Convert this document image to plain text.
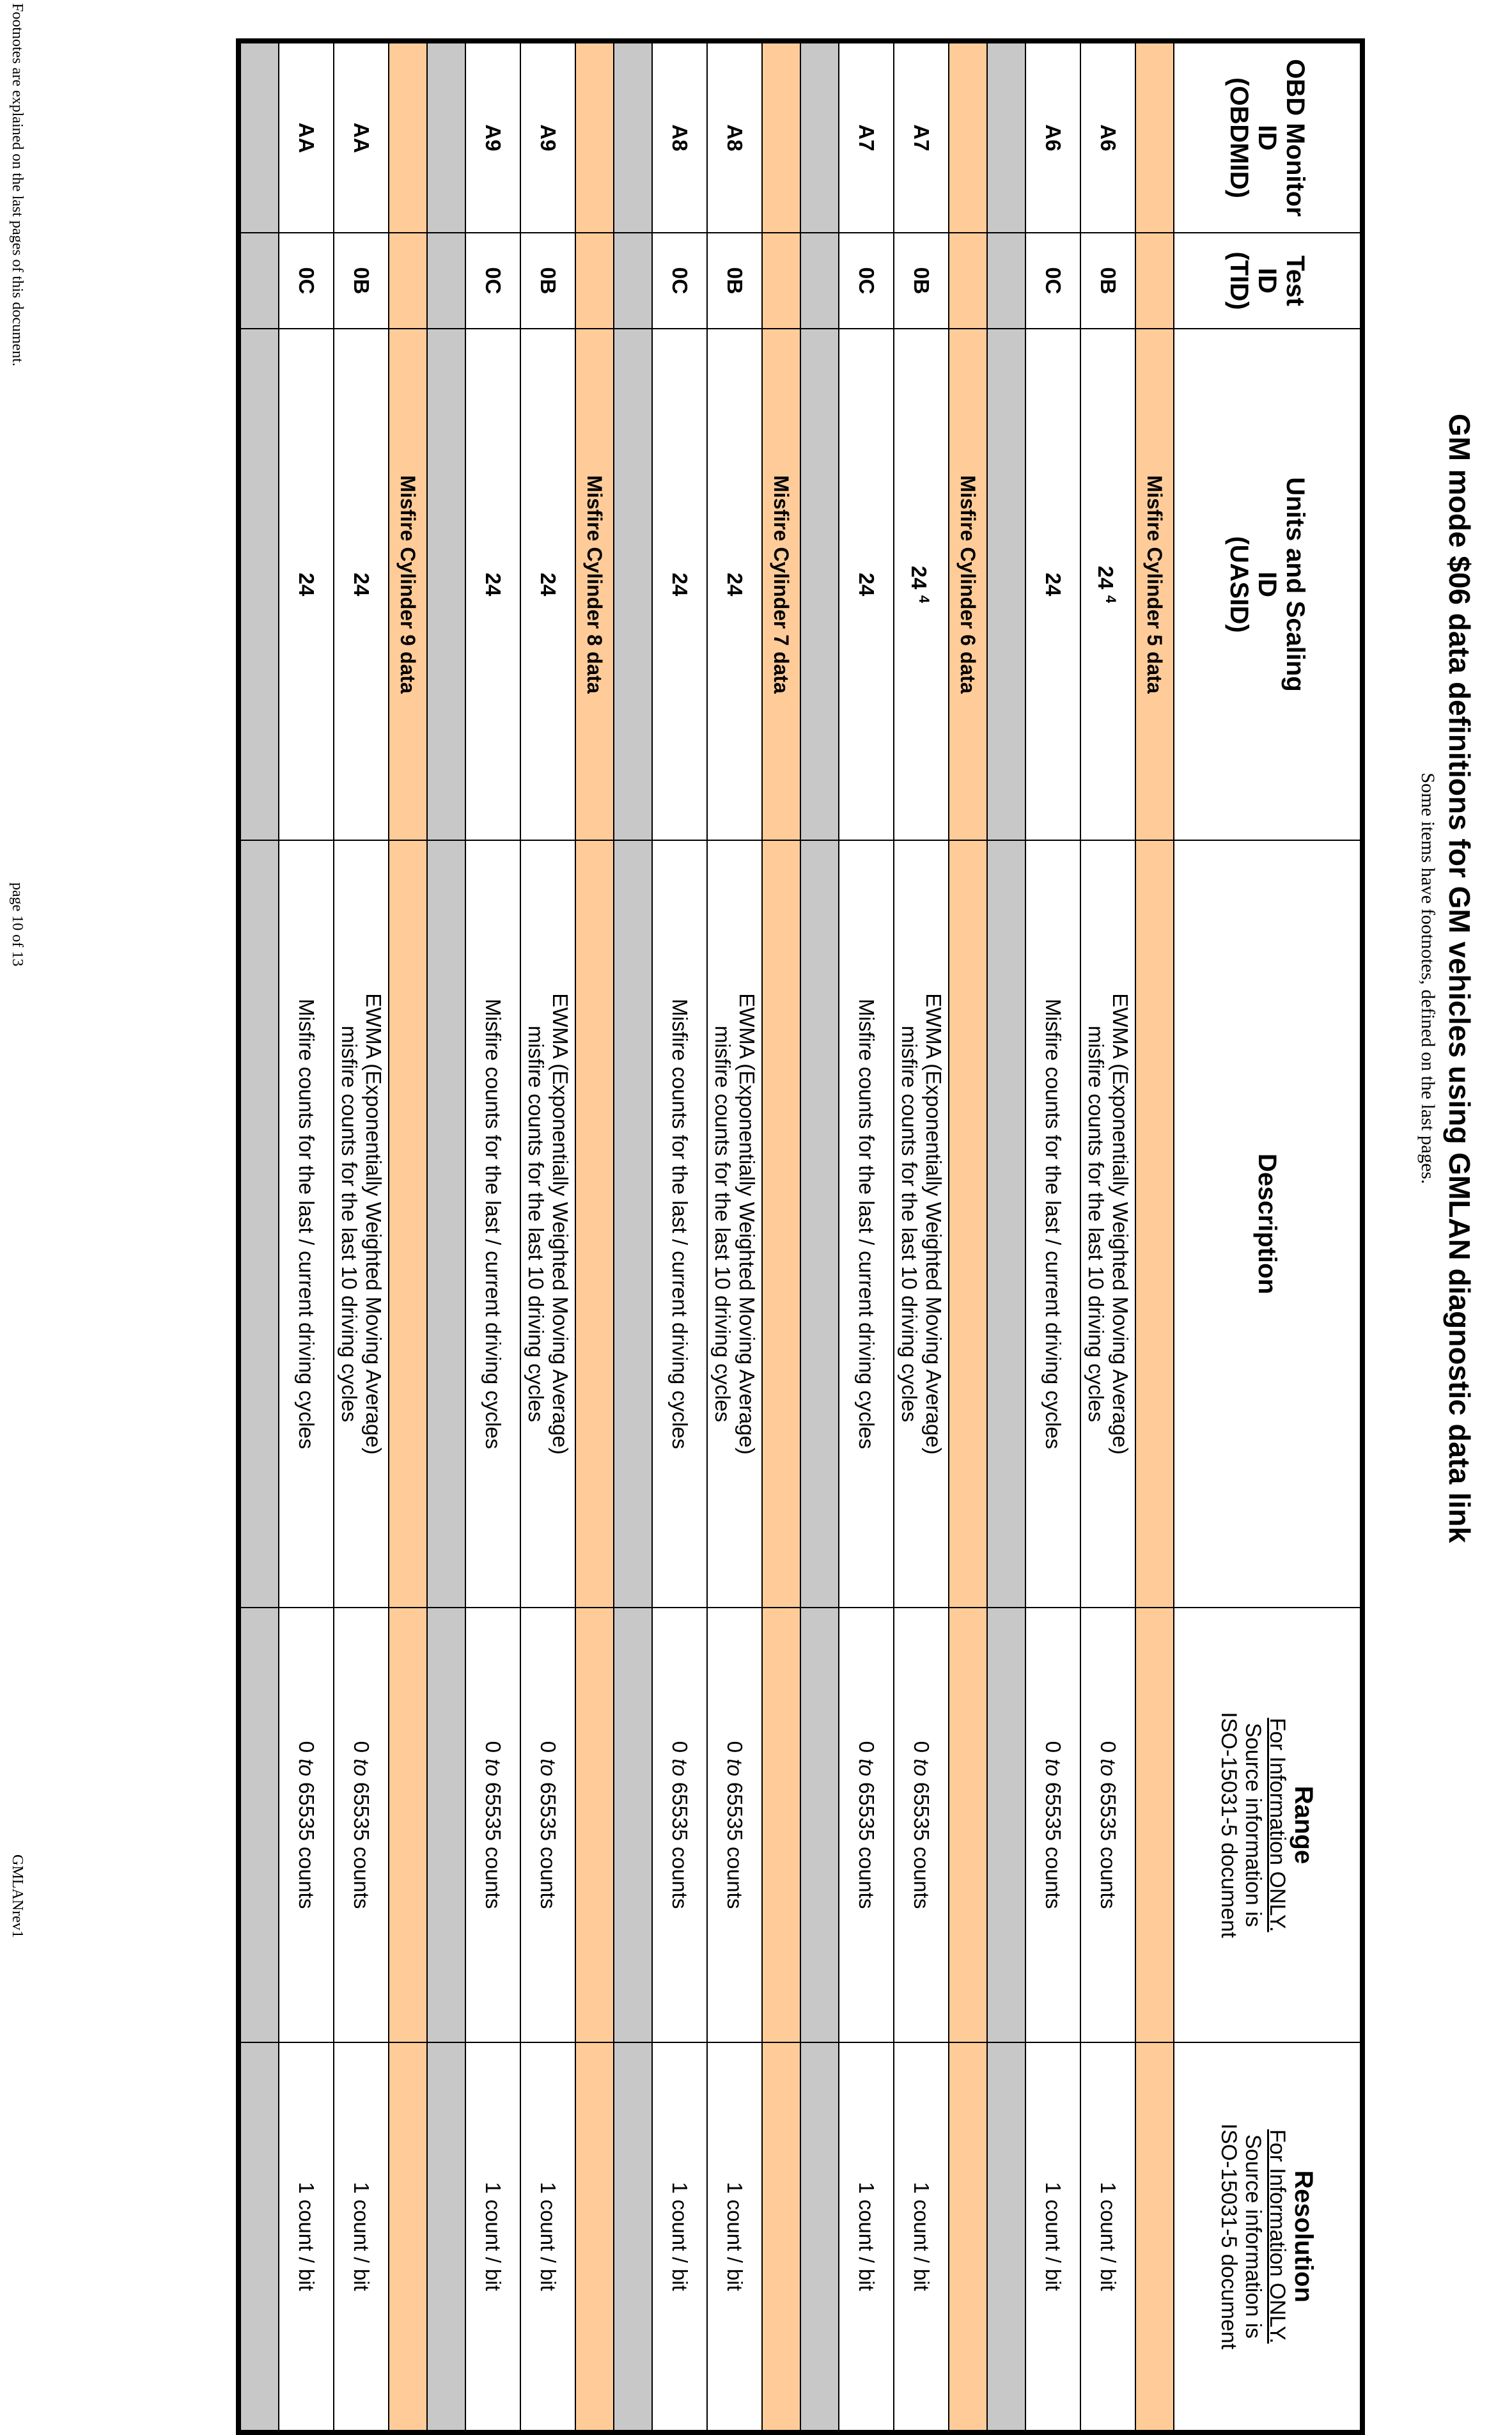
GM mode $06 data definitions for GM vehicles using GMLAN diagnostic data link
Some items have footnotes, defined on the last pages.
OBD Monitor
ID
(OBDMID)	Test
ID
(TID)	Units and Scaling
ID
(UASID)	Description	Range
For Information ONLY.
Source information is
ISO-15031-5 document	Resolution
For Information ONLY.
Source information is
ISO-15031-5 document

		Misfire Cylinder 5 data			
A6	0B	24 $^4$	EWMA (Exponentially Weighted Moving Average)
misfire counts for the last 10 driving cycles	0 to 65535 counts	1 count / bit
A6	0C	24	Misfire counts for the last / current driving cycles	0 to 65535 counts	1 count / bit

		Misfire Cylinder 6 data			
A7	0B	24 $^4$	EWMA (Exponentially Weighted Moving Average)
misfire counts for the last 10 driving cycles	0 to 65535 counts	1 count / bit
A7	0C	24	Misfire counts for the last / current driving cycles	0 to 65535 counts	1 count / bit

		Misfire Cylinder 7 data			
A8	0B	24	EWMA (Exponentially Weighted Moving Average)
misfire counts for the last 10 driving cycles	0 to 65535 counts	1 count / bit
A8	0C	24	Misfire counts for the last / current driving cycles	0 to 65535 counts	1 count / bit

		Misfire Cylinder 8 data			
A9	0B	24	EWMA (Exponentially Weighted Moving Average)
misfire counts for the last 10 driving cycles	0 to 65535 counts	1 count / bit
A9	0C	24	Misfire counts for the last / current driving cycles	0 to 65535 counts	1 count / bit

		Misfire Cylinder 9 data			
AA	0B	24	EWMA (Exponentially Weighted Moving Average)
misfire counts for the last 10 driving cycles	0 to 65535 counts	1 count / bit
AA	0C	24	Misfire counts for the last / current driving cycles	0 to 65535 counts	1 count / bit

Footnotes are explained on the last pages of this document.
page 10 of 13
GMLANrev1
